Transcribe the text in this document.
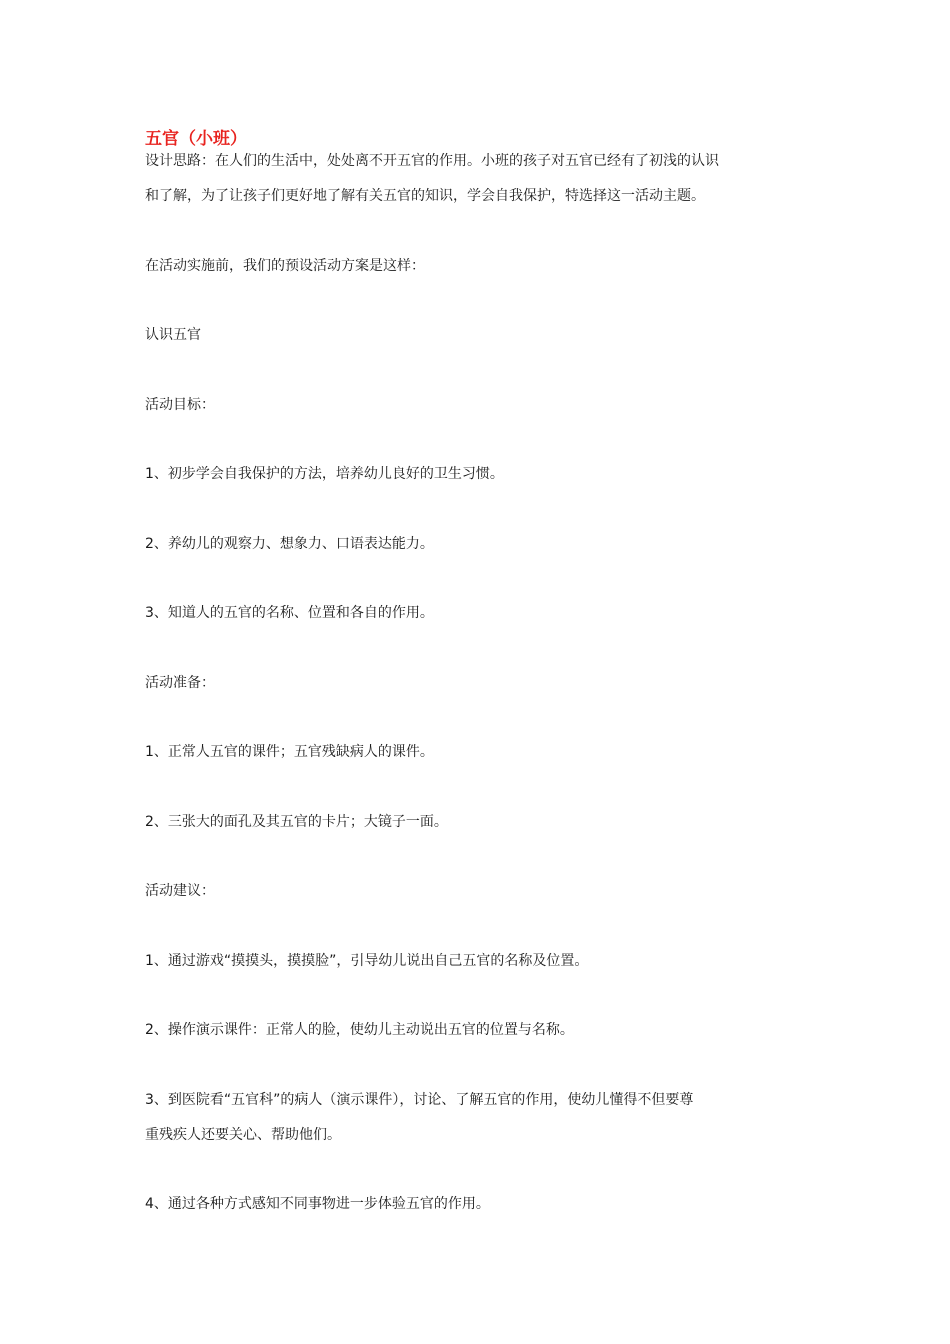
五官（小班）
设计思路：在人们的生活中，处处离不开五官的作用。小班的孩子对五官已经有了初浅的认识
和了解，为了让孩子们更好地了解有关五官的知识，学会自我保护，特选择这一活动主题。
在活动实施前，我们的预设活动方案是这样：
认识五官
活动目标：
1、初步学会自我保护的方法，培养幼儿良好的卫生习惯。
2、养幼儿的观察力、想象力、口语表达能力。
3、知道人的五官的名称、位置和各自的作用。
活动准备：
1、正常人五官的课件；五官残缺病人的课件。
2、三张大的面孔及其五官的卡片；大镜子一面。
活动建议：
1、通过游戏“摸摸头，摸摸脸”，引导幼儿说出自己五官的名称及位置。
2、操作演示课件：正常人的脸，使幼儿主动说出五官的位置与名称。
3、到医院看“五官科”的病人（演示课件），讨论、了解五官的作用，使幼儿懂得不但要尊
重残疾人还要关心、帮助他们。
4、通过各种方式感知不同事物进一步体验五官的作用。
